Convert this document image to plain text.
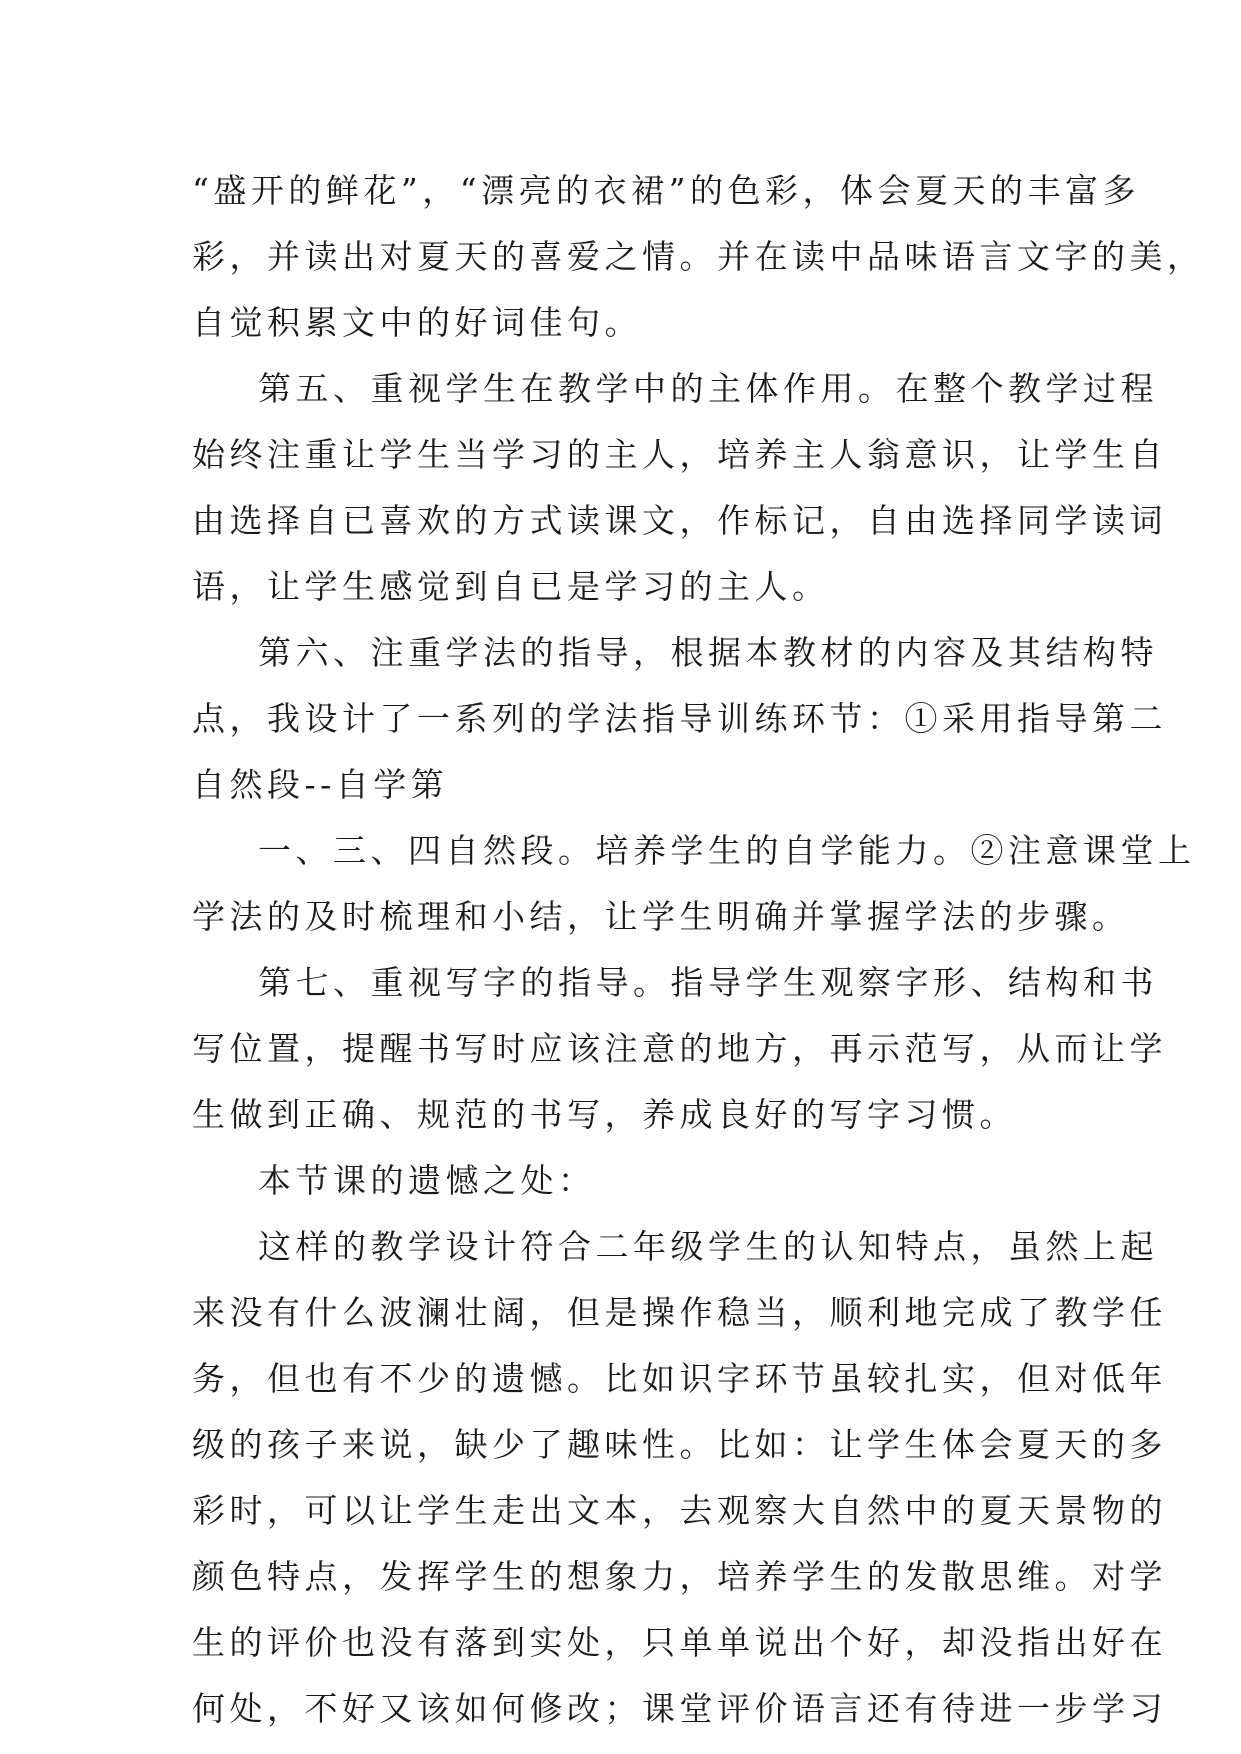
“盛开的鲜花”，“漂亮的衣裙”的色彩，体会夏天的丰富多
彩，并读出对夏天的喜爱之情。并在读中品味语言文字的美，
自觉积累文中的好词佳句。
第五、重视学生在教学中的主体作用。在整个教学过程
始终注重让学生当学习的主人，培养主人翁意识，让学生自
由选择自已喜欢的方式读课文，作标记，自由选择同学读词
语，让学生感觉到自已是学习的主人。
第六、注重学法的指导，根据本教材的内容及其结构特
点，我设计了一系列的学法指导训练环节：①采用指导第二
自然段--自学第
一、三、四自然段。培养学生的自学能力。②注意课堂上
学法的及时梳理和小结，让学生明确并掌握学法的步骤。
第七、重视写字的指导。指导学生观察字形、结构和书
写位置，提醒书写时应该注意的地方，再示范写，从而让学
生做到正确、规范的书写，养成良好的写字习惯。
本节课的遗憾之处：
这样的教学设计符合二年级学生的认知特点，虽然上起
来没有什么波澜壮阔，但是操作稳当，顺利地完成了教学任
务，但也有不少的遗憾。比如识字环节虽较扎实，但对低年
级的孩子来说，缺少了趣味性。比如：让学生体会夏天的多
彩时，可以让学生走出文本，去观察大自然中的夏天景物的
颜色特点，发挥学生的想象力，培养学生的发散思维。对学
生的评价也没有落到实处，只单单说出个好，却没指出好在
何处，不好又该如何修改；课堂评价语言还有待进一步学习
